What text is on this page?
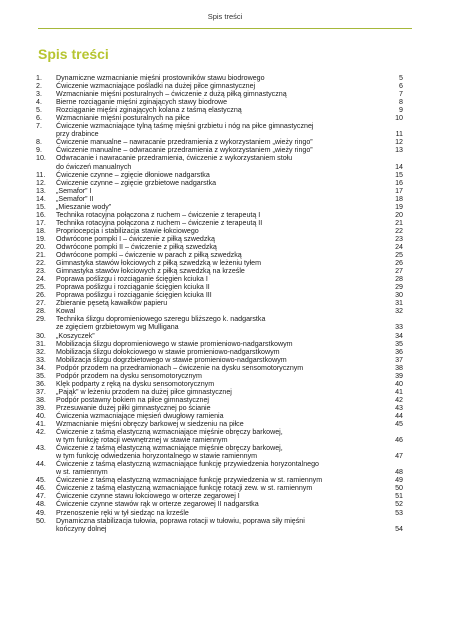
Spis treści
Spis treści
1.	Dynamiczne wzmacnianie mięśni prostowników stawu biodrowego	5
2.	Ćwiczenie wzmacniające pośladki na dużej piłce gimnastycznej	6
3.	Wzmacnianie mięśni posturalnych – ćwiczenie z dużą piłką gimnastyczną	7
4.	Bierne rozciąganie mięśni zginających stawy biodrowe	8
5.	Rozciąganie mięśni zginających kolana z taśmą elastyczną	9
6.	Wzmacnianie mięśni posturalnych na piłce	10
7.	Ćwiczenie wzmacniające tylną taśmę mięśni grzbietu i nóg na piłce gimnastycznej
przy drabince	11
8.	Ćwiczenie manualne – nawracanie przedramienia z wykorzystaniem „wieży ringo”	12
9.	Ćwiczenie manualne – odwracanie przedramienia z wykorzystaniem „wieży ringo”	13
10.	Odwracanie i nawracanie przedramienia, ćwiczenie z wykorzystaniem stołu
do ćwiczeń manualnych	14
11.	Ćwiczenie czynne – zgięcie dłoniowe nadgarstka	15
12.	Ćwiczenie czynne – zgięcie grzbietowe nadgarstka	16
13.	„Semafor” I	17
14.	„Semafor” II	18
15.	„Mieszanie wody”	19
16.	Technika rotacyjna połączona z ruchem – ćwiczenie z terapeutą I	20
17.	Technika rotacyjna połączona z ruchem – ćwiczenie z terapeutą II	21
18.	Propriocepcja i stabilizacja stawie łokciowego	22
19.	Odwrócone pompki I – ćwiczenie z piłką szwedzką	23
20.	Odwrócone pompki II – ćwiczenie z piłką szwedzką	24
21.	Odwrócone pompki – ćwiczenie w parach z piłką szwedzką	25
22.	Gimnastyka stawów łokciowych z piłką szwedzką w leżeniu tyłem	26
23.	Gimnastyka stawów łokciowych z piłką szwedzką na krześle	27
24.	Poprawa poślizgu i rozciąganie ścięgien kciuka I	28
25.	Poprawa poślizgu i rozciąganie ścięgien kciuka II	29
26.	Poprawa poślizgu i rozciąganie ścięgien kciuka III	30
27.	Zbieranie pęsetą kawałków papieru	31
28.	Kowal	32
29.	Technika ślizgu dopromieniowego szeregu bliższego k. nadgarstka
ze zgięciem grzbietowym wg Mulligana	33
30.	„Koszyczek”	34
31.	Mobilizacja ślizgu dopromieniowego w stawie promieniowo-nadgarstkowym	35
32.	Mobilizacja ślizgu dołokciowego w stawie promieniowo-nadgarstkowym	36
33.	Mobilizacja ślizgu dogrzbietowego w stawie promieniowo-nadgarstkowym	37
34.	Podpór przodem na przedramionach – ćwiczenie na dysku sensomotorycznym	38
35.	Podpór przodem na dysku sensomotorycznym	39
36.	Klęk podparty z ręką na dysku sensomotorycznym	40
37.	„Pająk” w leżeniu przodem na dużej piłce gimnastycznej	41
38.	Podpór postawny bokiem na piłce gimnastycznej	42
39.	Przesuwanie dużej piłki gimnastycznej po ścianie	43
40.	Ćwiczenia wzmacniające mięsień dwugłowy ramienia	44
41.	Wzmacnianie mięśni obręczy barkowej w siedzeniu na piłce	45
42.	Ćwiczenie z taśmą elastyczną wzmacniające mięśnie obręczy barkowej,
w tym funkcję rotacji wewnętrznej w stawie ramiennym	46
43.	Ćwiczenie z taśmą elastyczną wzmacniające mięśnie obręczy barkowej,
w tym funkcję odwiedzenia horyzontalnego w stawie ramiennym	47
44.	Ćwiczenie z taśmą elastyczną wzmacniające funkcję przywiedzenia horyzontalnego
w st. ramiennym	48
45.	Ćwiczenie z taśmą elastyczną wzmacniające funkcję przywiedzenia w st. ramiennym	49
46.	Ćwiczenie z taśmą elastyczną wzmacniające funkcję rotacji zew. w st. ramiennym	50
47.	Ćwiczenie czynne stawu łokciowego w orterze zegarowej I	51
48.	Ćwiczenie czynne stawów rąk w orterze zegarowej II nadgarstka	52
49.	Przenoszenie ręki w tył siedząc na krześle	53
50.	Dynamiczna stabilizacja tułowia, poprawa rotacji w tułowiu, poprawa siły mięśni
kończyny dolnej	54
